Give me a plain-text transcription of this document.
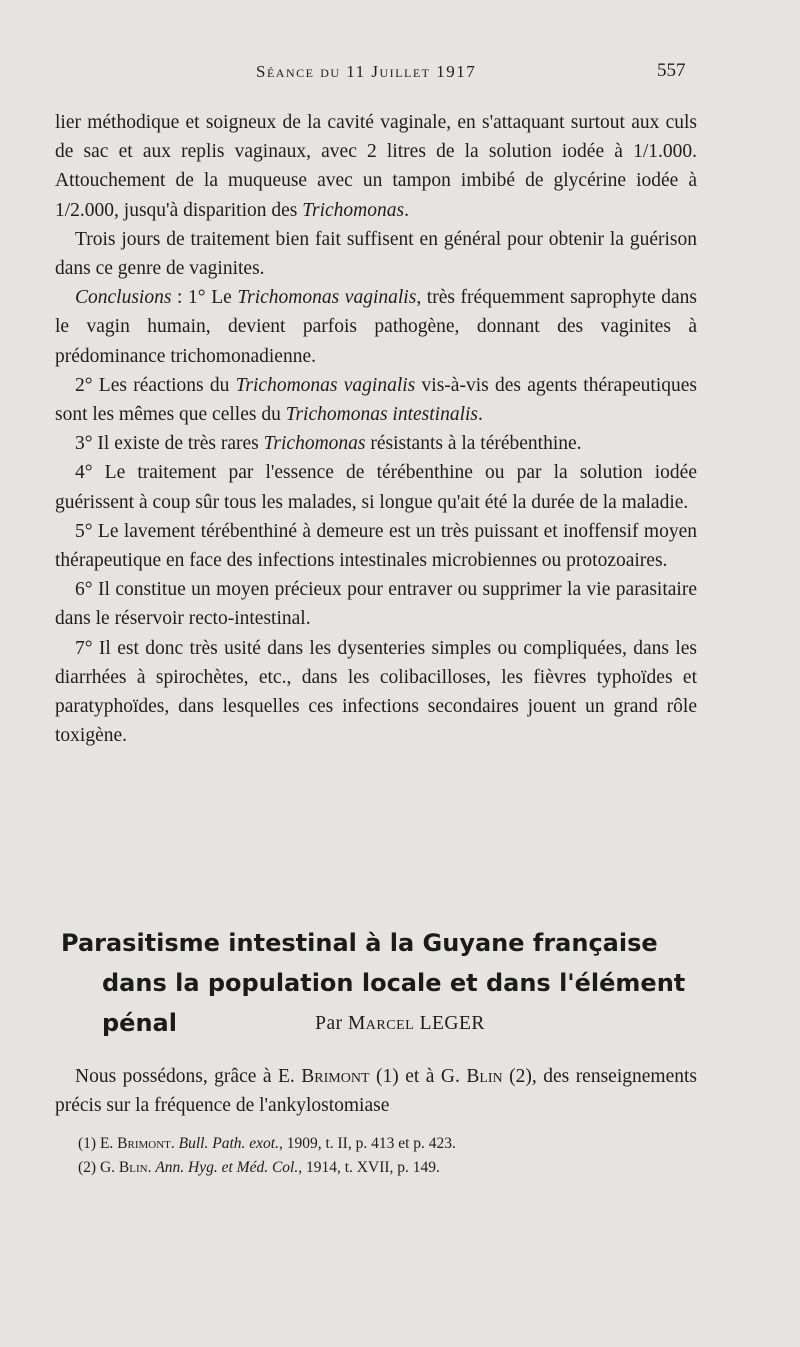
Séance du 11 Juillet 1917	557

lier méthodique et soigneux de la cavité vaginale, en s'attaquant surtout aux culs de sac et aux replis vaginaux, avec 2 litres de la solution iodée à 1/1.000. Attouchement de la muqueuse avec un tampon imbibé de glycérine iodée à 1/2.000, jusqu'à disparition des Trichomonas.

Trois jours de traitement bien fait suffisent en général pour obtenir la guérison dans ce genre de vaginites.

Conclusions : 1° Le Trichomonas vaginalis, très fréquemment saprophyte dans le vagin humain, devient parfois pathogène, donnant des vaginites à prédominance trichomonadienne.

2° Les réactions du Trichomonas vaginalis vis-à-vis des agents thérapeutiques sont les mêmes que celles du Trichomonas intestinalis.

3° Il existe de très rares Trichomonas résistants à la térébenthine.

4° Le traitement par l'essence de térébenthine ou par la solution iodée guérissent à coup sûr tous les malades, si longue qu'ait été la durée de la maladie.

5° Le lavement térébenthiné à demeure est un très puissant et inoffensif moyen thérapeutique en face des infections intestinales microbiennes ou protozoaires.

6° Il constitue un moyen précieux pour entraver ou supprimer la vie parasitaire dans le réservoir recto-intestinal.

7° Il est donc très usité dans les dysenteries simples ou compliquées, dans les diarrhées à spirochètes, etc., dans les colibacilloses, les fièvres typhoïdes et paratyphoïdes, dans lesquelles ces infections secondaires jouent un grand rôle toxigène.

Parasitisme intestinal à la Guyane française
dans la population locale et dans l'élément pénal	Par Marcel LEGER
Nous possédons, grâce à E. Brimont (1) et à G. Blin (2), des renseignements précis sur la fréquence de l'ankylostomiase
(1) E. Brimont. Bull. Path. exot., 1909, t. II, p. 413 et p. 423.
(2) G. Blin. Ann. Hyg. et Méd. Col., 1914, t. XVII, p. 149.
